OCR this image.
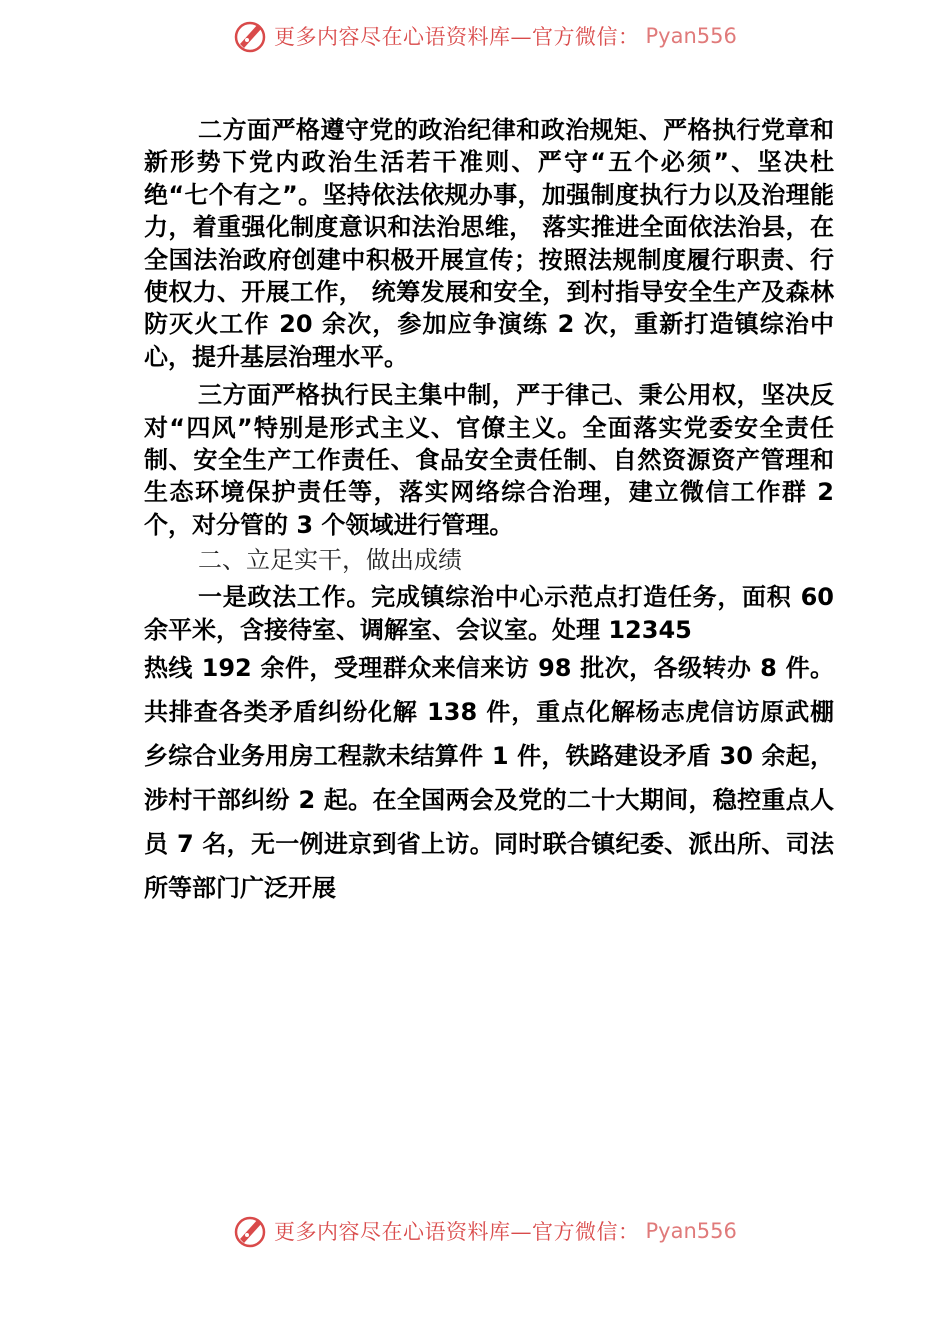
更多内容尽在心语资料库—官方微信： Pyan556

二方面严格遵守党的政治纪律和政治规矩、严格执行党章和新形势下党内政治生活若干准则、严守“五个必须”、坚决杜绝“七个有之”。坚持依法依规办事，加强制度执行力以及治理能力，着重强化制度意识和法治思维， 落实推进全面依法治县，在全国法治政府创建中积极开展宣传；按照法规制度履行职责、行使权力、开展工作， 统筹发展和安全，到村指导安全生产及森林防灭火工作 20 余次，参加应争演练 2 次，重新打造镇综治中心，提升基层治理水平。

三方面严格执行民主集中制，严于律己、秉公用权，坚决反对“四风”特别是形式主义、官僚主义。全面落实党委安全责任制、安全生产工作责任、食品安全责任制、自然资源资产管理和生态环境保护责任等，落实网络综合治理，建立微信工作群 2 个，对分管的 3 个领域进行管理。

二、立足实干，做出成绩

一是政法工作。完成镇综治中心示范点打造任务，面积 60 余平米，含接待室、调解室、会议室。处理 12345

热线 192 余件，受理群众来信来访 98 批次，各级转办 8 件。共排查各类矛盾纠纷化解 138 件，重点化解杨志虎信访原武棚乡综合业务用房工程款未结算件 1 件，铁路建设矛盾 30 余起，涉村干部纠纷 2 起。在全国两会及党的二十大期间，稳控重点人员 7 名，无一例进京到省上访。同时联合镇纪委、派出所、司法所等部门广泛开展

更多内容尽在心语资料库—官方微信： Pyan556
